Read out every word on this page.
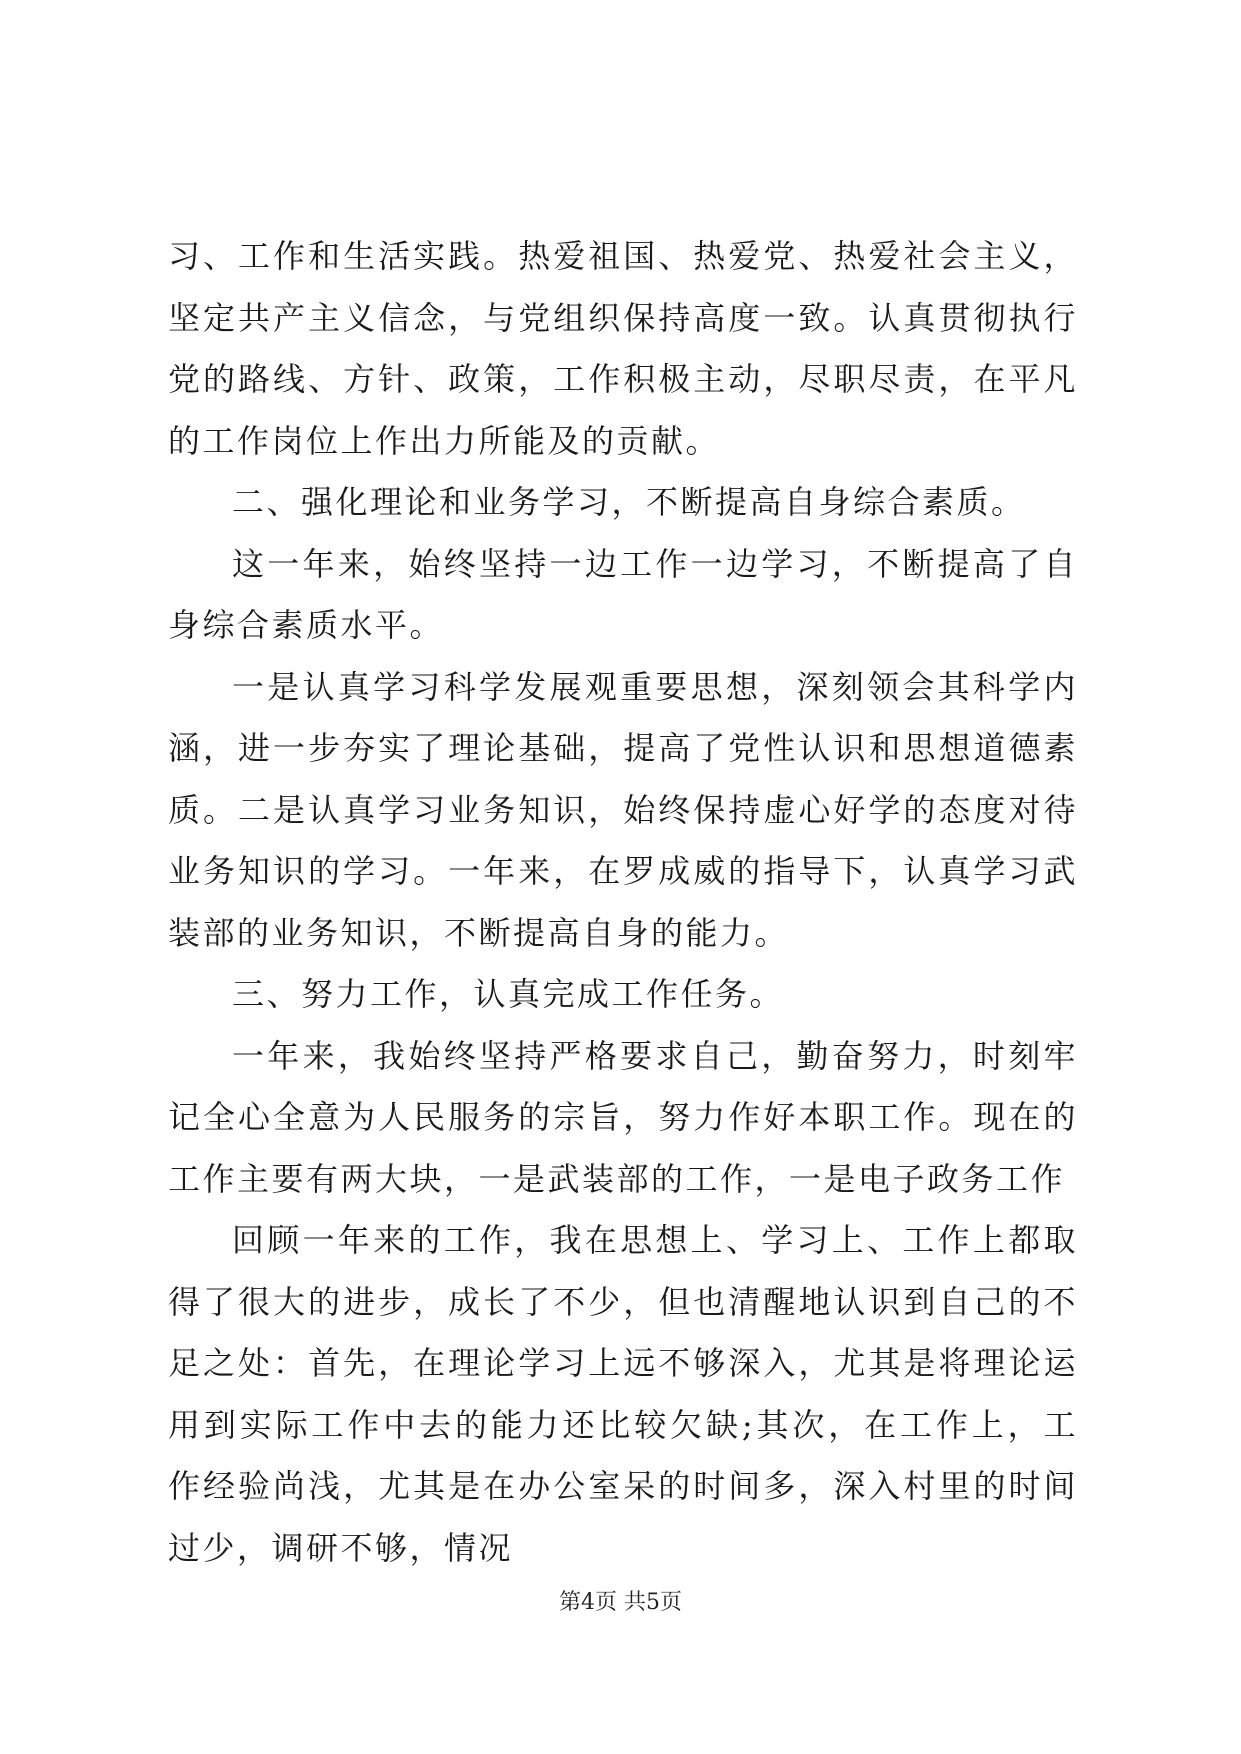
习、工作和生活实践。热爱祖国、热爱党、热爱社会主义，坚定共产主义信念，与党组织保持高度一致。认真贯彻执行党的路线、方针、政策，工作积极主动，尽职尽责，在平凡的工作岗位上作出力所能及的贡献。

二、强化理论和业务学习，不断提高自身综合素质。

这一年来，始终坚持一边工作一边学习，不断提高了自身综合素质水平。

一是认真学习科学发展观重要思想，深刻领会其科学内涵，进一步夯实了理论基础，提高了党性认识和思想道德素质。二是认真学习业务知识，始终保持虚心好学的态度对待业务知识的学习。一年来，在罗成威的指导下，认真学习武装部的业务知识，不断提高自身的能力。

三、努力工作，认真完成工作任务。

一年来，我始终坚持严格要求自己，勤奋努力，时刻牢记全心全意为人民服务的宗旨，努力作好本职工作。现在的工作主要有两大块，一是武装部的工作，一是电子政务工作

回顾一年来的工作，我在思想上、学习上、工作上都取得了很大的进步，成长了不少，但也清醒地认识到自己的不足之处：首先，在理论学习上远不够深入，尤其是将理论运用到实际工作中去的能力还比较欠缺;其次，在工作上，工作经验尚浅，尤其是在办公室呆的时间多，深入村里的时间过少，调研不够，情况

第4页 共5页
